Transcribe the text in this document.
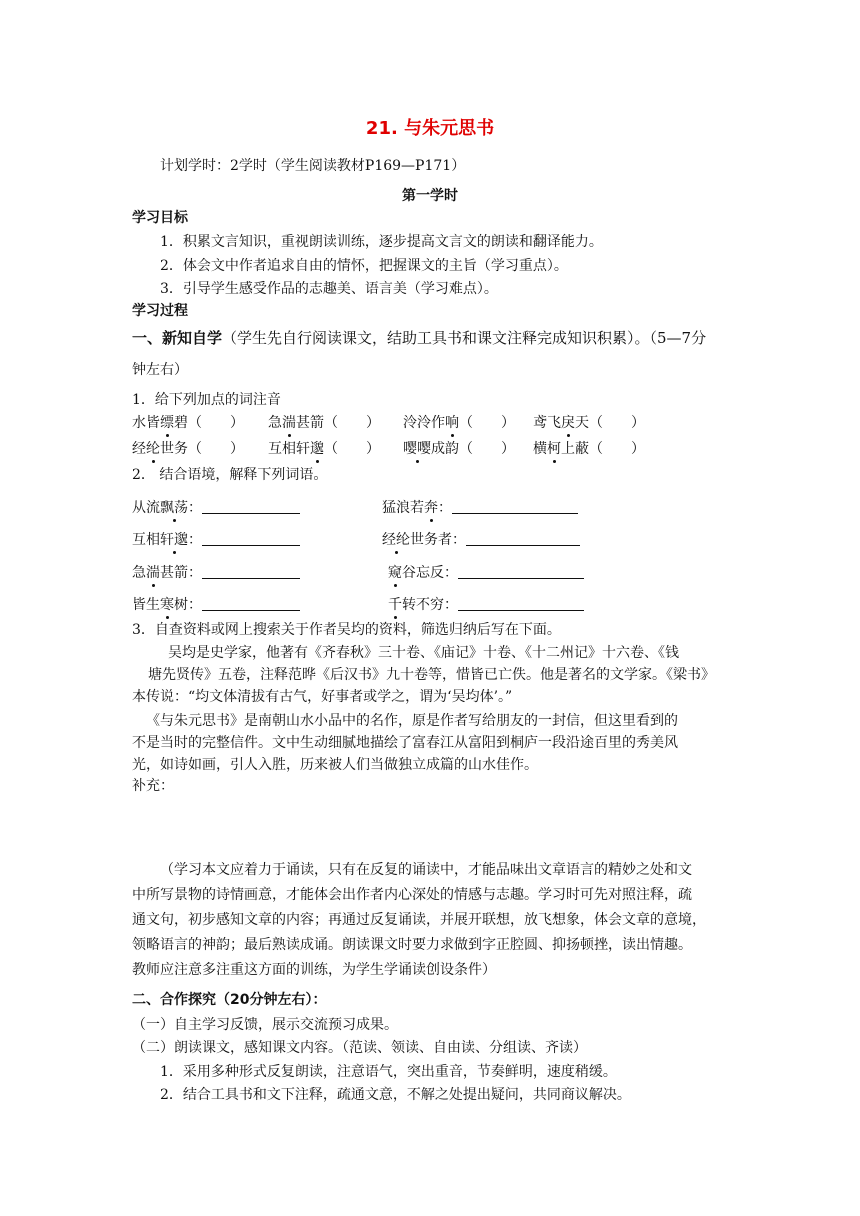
21. 与朱元思书
计划学时：2学时（学生阅读教材P169—P171）
第一学时
学习目标
1．积累文言知识，重视朗读训练，逐步提高文言文的朗读和翻译能力。
2．体会文中作者追求自由的情怀，把握课文的主旨（学习重点）。
3．引导学生感受作品的志趣美、语言美（学习难点）。
学习过程
一、新知自学（学生先自行阅读课文，结助工具书和课文注释完成知识积累）。（5—7分
钟左右）
1．给下列加点的词注音
水皆缥碧（　　） 急湍甚箭（　　） 泠泠作响（　　） 鸢飞戾天（　　）
经纶世务（　　） 互相轩邈（　　） 嘤嘤成韵（　　） 横柯上蔽（　　）
2． 结合语境，解释下列词语。
从流飘荡：	猛浪若奔：
互相轩邈：	经纶世务者：
急湍甚箭：	窥谷忘反：
皆生寒树：	千转不穷：
3．自查资料或网上搜索关于作者吴均的资料，筛选归纳后写在下面。
吴均是史学家，他著有《齐春秋》三十卷、《庙记》十卷、《十二州记》十六卷、《钱
塘先贤传》五卷，注释范晔《后汉书》九十卷等，惜皆已亡佚。他是著名的文学家。《梁书》
本传说：“均文体清拔有古气，好事者或学之，谓为‘吴均体’。”
《与朱元思书》是南朝山水小品中的名作，原是作者写给朋友的一封信，但这里看到的
不是当时的完整信件。文中生动细腻地描绘了富春江从富阳到桐庐一段沿途百里的秀美风
光，如诗如画，引人入胜，历来被人们当做独立成篇的山水佳作。
补充：
（学习本文应着力于诵读，只有在反复的诵读中，才能品味出文章语言的精妙之处和文
中所写景物的诗情画意，才能体会出作者内心深处的情感与志趣。学习时可先对照注释，疏
通文句，初步感知文章的内容；再通过反复诵读，并展开联想，放飞想象，体会文章的意境，
领略语言的神韵；最后熟读成诵。朗读课文时要力求做到字正腔圆、抑扬顿挫，读出情趣。
教师应注意多注重这方面的训练，为学生学诵读创设条件）
二、合作探究（20分钟左右）：
（一）自主学习反馈，展示交流预习成果。
（二）朗读课文，感知课文内容。（范读、领读、自由读、分组读、齐读）
1．采用多种形式反复朗读，注意语气，突出重音，节奏鲜明，速度稍缓。
2．结合工具书和文下注释，疏通文意，不解之处提出疑问，共同商议解决。
